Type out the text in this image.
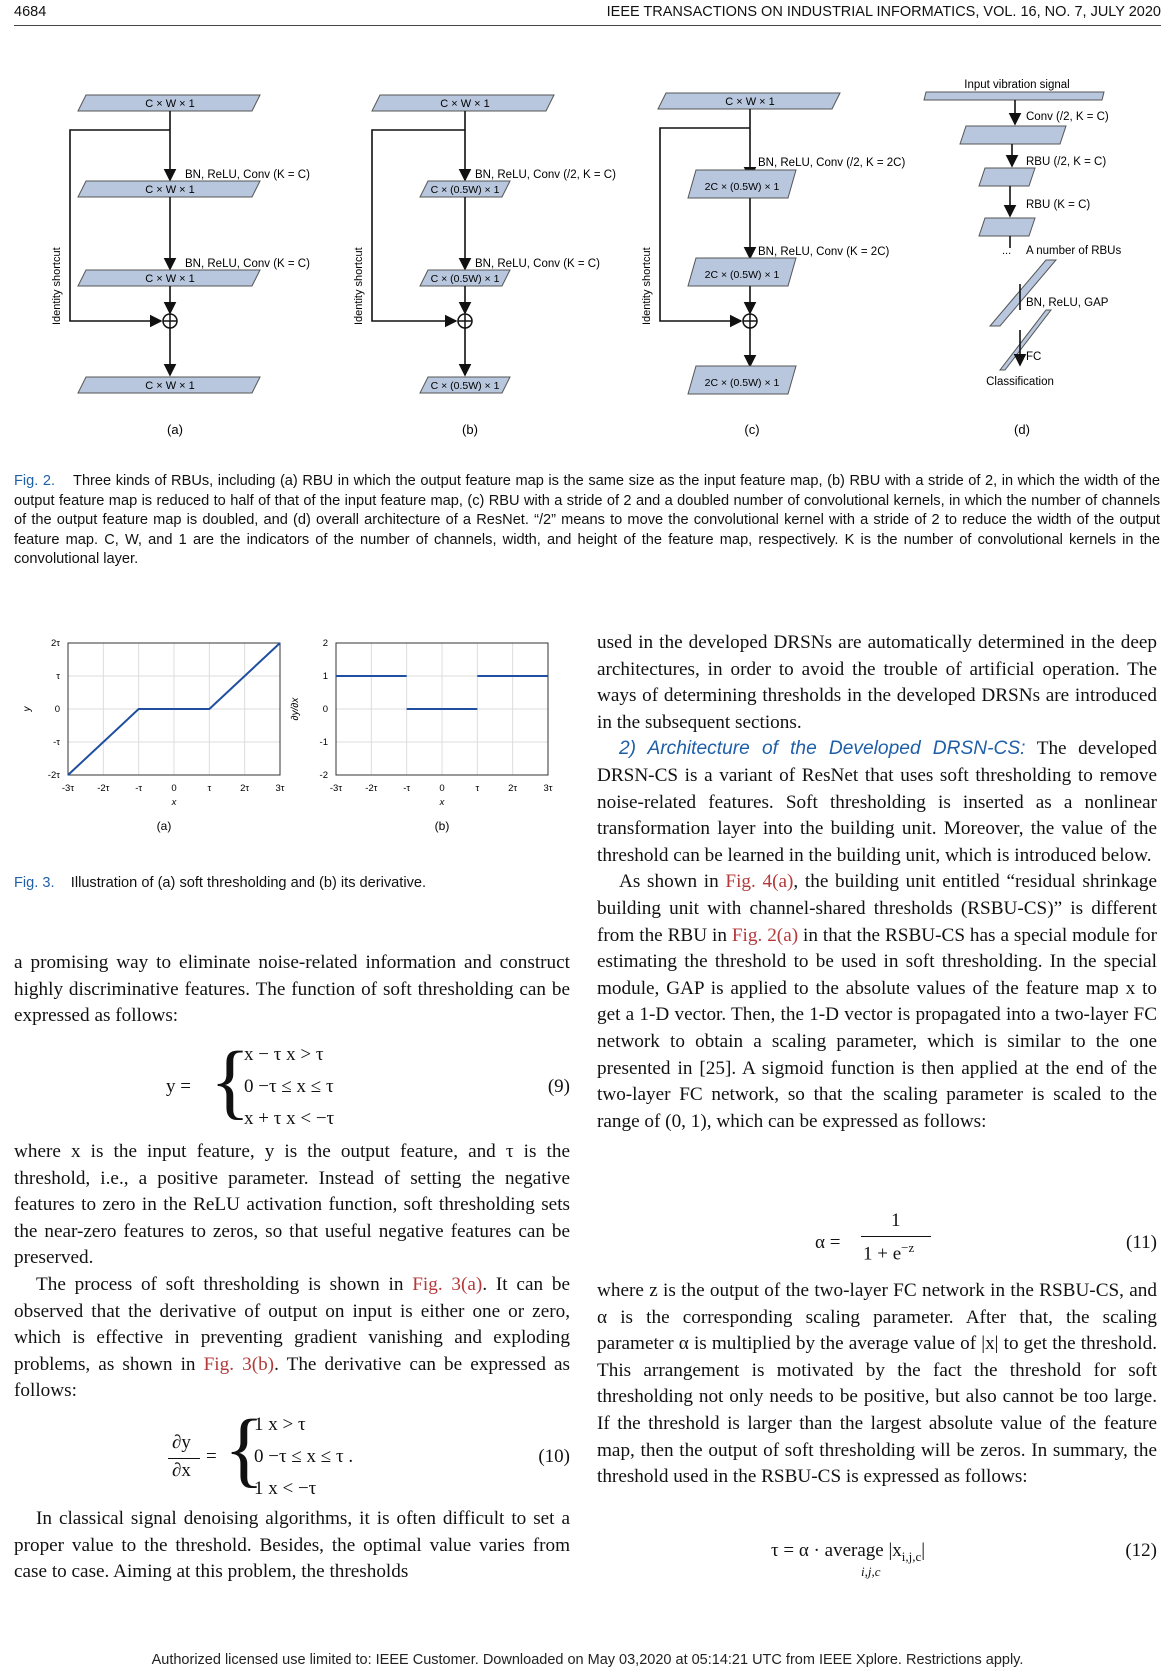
4684	IEEE TRANSACTIONS ON INDUSTRIAL INFORMATICS, VOL. 16, NO. 7, JULY 2020
C × W × 1
BN, ReLU, Conv (K = C)
C × W × 1
BN, ReLU, Conv (K = C)
C × W × 1
Identity shortcut
C × W × 1
(a)
C × W × 1
BN, ReLU, Conv (/2, K = C)
C × (0.5W) × 1
BN, ReLU, Conv (K = C)
C × (0.5W) × 1
Identity shortcut
C × (0.5W) × 1
(b)
C × W × 1
BN, ReLU, Conv (/2, K = 2C)
2C × (0.5W) × 1
BN, ReLU, Conv (K = 2C)
2C × (0.5W) × 1
Identity shortcut
2C × (0.5W) × 1
(c)
Input vibration signal
Conv (/2, K = C)
RBU (/2, K = C)
RBU (K = C)
... A number of RBUs
BN, ReLU, GAP
FC
Classification
(d)
Fig. 2. Three kinds of RBUs, including (a) RBU in which the output feature map is the same size as the input feature map, (b) RBU with a stride of 2, in which the width of the output feature map is reduced to half of that of the input feature map, (c) RBU with a stride of 2 and a doubled number of convolutional kernels, in which the number of channels of the output feature map is doubled, and (d) overall architecture of a ResNet. “/2” means to move the convolutional kernel with a stride of 2 to reduce the width of the output feature map. C, W, and 1 are the indicators of the number of channels, width, and height of the feature map, respectively. K is the number of convolutional kernels in the convolutional layer.
-3τ -2τ	-τ	0	τ	2τ	3τ
-2τ
-τ
0
τ
2τ
x
y
(a)
-3τ -2τ	-τ	0	τ	2τ	3τ
-2
-1
0
1
2
x
∂y/∂x
(b)
Fig. 3. Illustration of (a) soft thresholding and (b) its derivative.

a promising way to eliminate noise-related information and construct highly discriminative features. The function of soft thresholding can be expressed as follows:

y = {
x − τ x > τ
0 −τ ≤ x ≤ τ
x + τ x < −τ
(9)

where x is the input feature, y is the output feature, and τ is the threshold, i.e., a positive parameter. Instead of setting the negative features to zero in the ReLU activation function, soft thresholding sets the near-zero features to zeros, so that useful negative features can be preserved.

The process of soft thresholding is shown in Fig. 3(a). It can be observed that the derivative of output on input is either one or zero, which is effective in preventing gradient vanishing and exploding problems, as shown in Fig. 3(b). The derivative can be expressed as follows:

∂y
∂x
= {
1 x > τ
0 −τ ≤ x ≤ τ .
1 x < −τ
(10)

In classical signal denoising algorithms, it is often difficult to set a proper value to the threshold. Besides, the optimal value varies from case to case. Aiming at this problem, the thresholds

used in the developed DRSNs are automatically determined in the deep architectures, in order to avoid the trouble of artificial operation. The ways of determining thresholds in the developed DRSNs are introduced in the subsequent sections.

2) Architecture of the Developed DRSN-CS: The developed DRSN-CS is a variant of ResNet that uses soft thresholding to remove noise-related features. Soft thresholding is inserted as a nonlinear transformation layer into the building unit. Moreover, the value of the threshold can be learned in the building unit, which is introduced below.

As shown in Fig. 4(a), the building unit entitled “residual shrinkage building unit with channel-shared thresholds (RSBU-CS)” is different from the RBU in Fig. 2(a) in that the RSBU-CS has a special module for estimating the threshold to be used in soft thresholding. In the special module, GAP is applied to the absolute values of the feature map x to get a 1-D vector. Then, the 1-D vector is propagated into a two-layer FC network to obtain a scaling parameter, which is similar to the one presented in [25]. A sigmoid function is then applied at the end of the two-layer FC network, so that the scaling parameter is scaled to the range of (0, 1), which can be expressed as follows:

α =
1
$1 + e^{-z}$	(11)

where z is the output of the two-layer FC network in the RSBU-CS, and α is the corresponding scaling parameter. After that, the scaling parameter α is multiplied by the average value of |x| to get the threshold. This arrangement is motivated by the fact the threshold for soft thresholding not only needs to be positive, but also cannot be too large. If the threshold is larger than the largest absolute value of the feature map, then the output of soft thresholding will be zeros. In summary, the threshold used in the RSBU-CS is expressed as follows:

τ = α · average $|x_{i,j,c}|$
i,j,c
(12)
Authorized licensed use limited to: IEEE Customer. Downloaded on May 03,2020 at 05:14:21 UTC from IEEE Xplore. Restrictions apply.
